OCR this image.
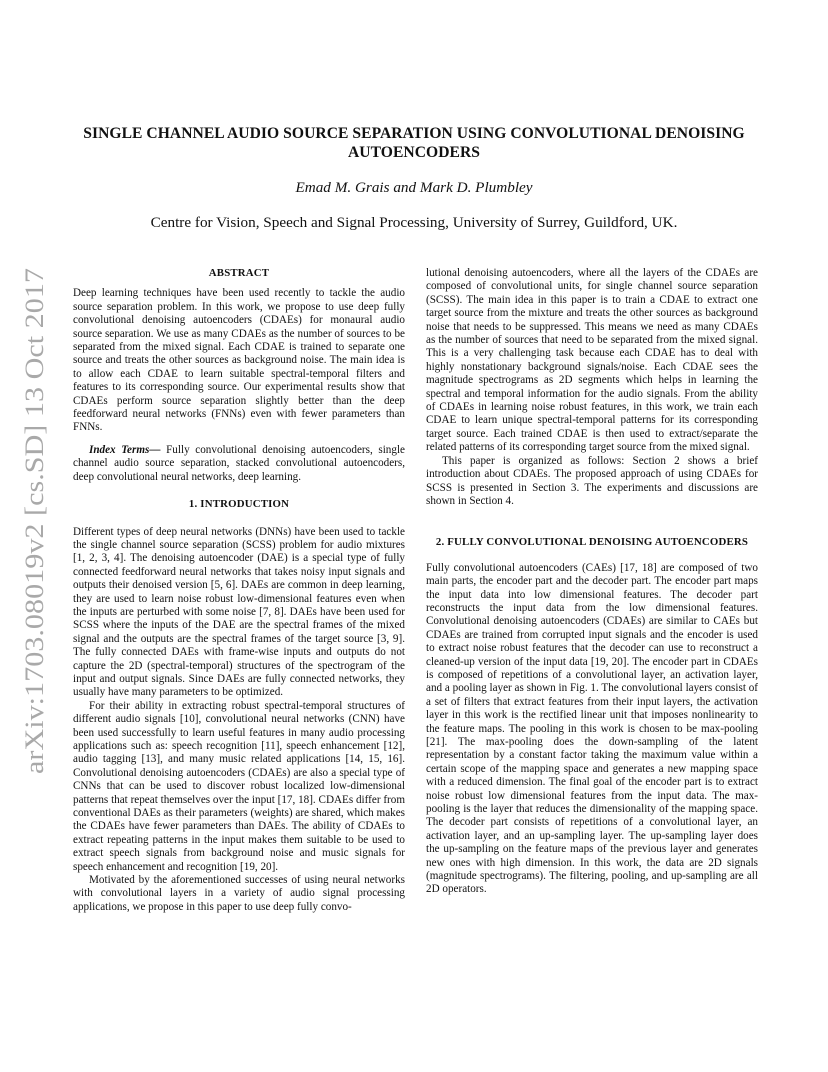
arXiv:1703.08019v2 [cs.SD] 13 Oct 2017
SINGLE CHANNEL AUDIO SOURCE SEPARATION USING CONVOLUTIONAL DENOISING AUTOENCODERS
Emad M. Grais and Mark D. Plumbley
Centre for Vision, Speech and Signal Processing, University of Surrey, Guildford, UK.
ABSTRACT

Deep learning techniques have been used recently to tackle the audio source separation problem. In this work, we propose to use deep fully convolutional denoising autoencoders (CDAEs) for monaural audio source separation. We use as many CDAEs as the number of sources to be separated from the mixed signal. Each CDAE is trained to separate one source and treats the other sources as background noise. The main idea is to allow each CDAE to learn suitable spectral-temporal filters and features to its corresponding source. Our experimental results show that CDAEs perform source separation slightly better than the deep feedforward neural networks (FNNs) even with fewer parameters than FNNs.

Index Terms— Fully convolutional denoising autoencoders, single channel audio source separation, stacked convolutional autoencoders, deep convolutional neural networks, deep learning.

1. INTRODUCTION

Different types of deep neural networks (DNNs) have been used to tackle the single channel source separation (SCSS) problem for audio mixtures [1, 2, 3, 4]. The denoising autoencoder (DAE) is a special type of fully connected feedforward neural networks that takes noisy input signals and outputs their denoised version [5, 6]. DAEs are common in deep learning, they are used to learn noise robust low-dimensional features even when the inputs are perturbed with some noise [7, 8]. DAEs have been used for SCSS where the inputs of the DAE are the spectral frames of the mixed signal and the outputs are the spectral frames of the target source [3, 9]. The fully connected DAEs with frame-wise inputs and outputs do not capture the 2D (spectral-temporal) structures of the spectrogram of the input and output signals. Since DAEs are fully connected networks, they usually have many parameters to be optimized.

For their ability in extracting robust spectral-temporal structures of different audio signals [10], convolutional neural networks (CNN) have been used successfully to learn useful features in many audio processing applications such as: speech recognition [11], speech enhancement [12], audio tagging [13], and many music related applications [14, 15, 16]. Convolutional denoising autoencoders (CDAEs) are also a special type of CNNs that can be used to discover robust localized low-dimensional patterns that repeat themselves over the input [17, 18]. CDAEs differ from conventional DAEs as their parameters (weights) are shared, which makes the CDAEs have fewer parameters than DAEs. The ability of CDAEs to extract repeating patterns in the input makes them suitable to be used to extract speech signals from background noise and music signals for speech enhancement and recognition [19, 20].

Motivated by the aforementioned successes of using neural networks with convolutional layers in a variety of audio signal processing applications, we propose in this paper to use deep fully convo-

lutional denoising autoencoders, where all the layers of the CDAEs are composed of convolutional units, for single channel source separation (SCSS). The main idea in this paper is to train a CDAE to extract one target source from the mixture and treats the other sources as background noise that needs to be suppressed. This means we need as many CDAEs as the number of sources that need to be separated from the mixed signal. This is a very challenging task because each CDAE has to deal with highly nonstationary background signals/noise. Each CDAE sees the magnitude spectrograms as 2D segments which helps in learning the spectral and temporal information for the audio signals. From the ability of CDAEs in learning noise robust features, in this work, we train each CDAE to learn unique spectral-temporal patterns for its corresponding target source. Each trained CDAE is then used to extract/separate the related patterns of its corresponding target source from the mixed signal.

This paper is organized as follows: Section 2 shows a brief introduction about CDAEs. The proposed approach of using CDAEs for SCSS is presented in Section 3. The experiments and discussions are shown in Section 4.

2. FULLY CONVOLUTIONAL DENOISING AUTOENCODERS

Fully convolutional autoencoders (CAEs) [17, 18] are composed of two main parts, the encoder part and the decoder part. The encoder part maps the input data into low dimensional features. The decoder part reconstructs the input data from the low dimensional features. Convolutional denoising autoencoders (CDAEs) are similar to CAEs but CDAEs are trained from corrupted input signals and the encoder is used to extract noise robust features that the decoder can use to reconstruct a cleaned-up version of the input data [19, 20]. The encoder part in CDAEs is composed of repetitions of a convolutional layer, an activation layer, and a pooling layer as shown in Fig. 1. The convolutional layers consist of a set of filters that extract features from their input layers, the activation layer in this work is the rectified linear unit that imposes nonlinearity to the feature maps. The pooling in this work is chosen to be max-pooling [21]. The max-pooling does the down-sampling of the latent representation by a constant factor taking the maximum value within a certain scope of the mapping space and generates a new mapping space with a reduced dimension. The final goal of the encoder part is to extract noise robust low dimensional features from the input data. The max-pooling is the layer that reduces the dimensionality of the mapping space. The decoder part consists of repetitions of a convolutional layer, an activation layer, and an up-sampling layer. The up-sampling layer does the up-sampling on the feature maps of the previous layer and generates new ones with high dimension. In this work, the data are 2D signals (magnitude spectrograms). The filtering, pooling, and up-sampling are all 2D operators.
